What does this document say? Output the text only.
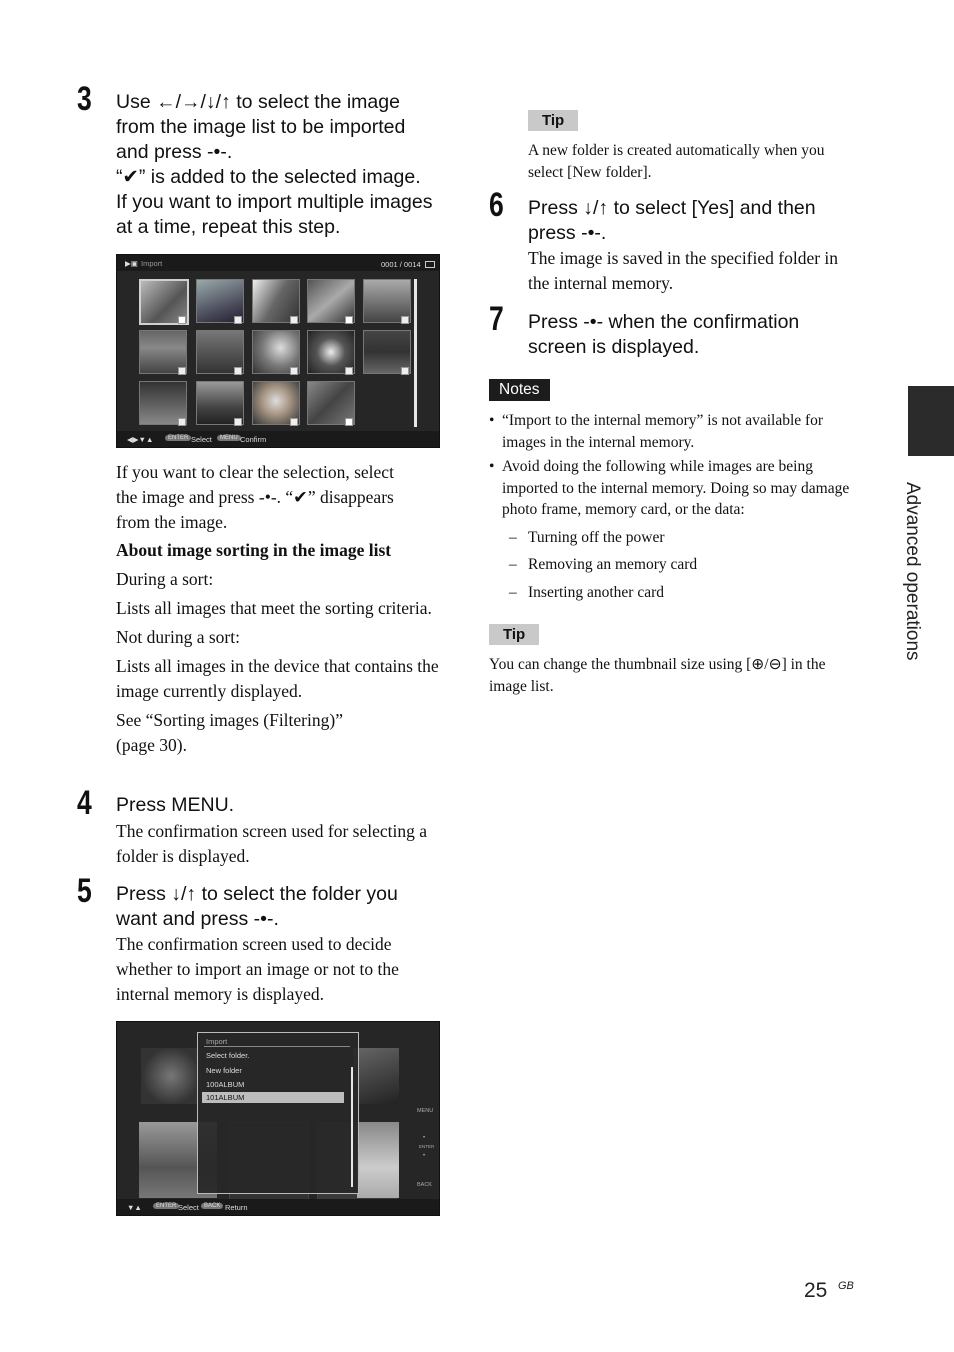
3 Use ←/→/↓/↑ to select the image
from the image list to be imported
and press -•-.
“✔” is added to the selected image.
If you want to import multiple images
at a time, repeat this step.
▶▣ Import	0001 / 0014
◀▶▼▲	ENTER Select	MENU Confirm
If you want to clear the selection, select
the image and press -•-. “✔” disappears
from the image.
About image sorting in the image list

During a sort:

Lists all images that meet the sorting criteria.

Not during a sort:

Lists all images in the device that contains the image currently displayed.

See “Sorting images (Filtering)” (page 30).

4 Press MENU.
The confirmation screen used for selecting a folder is displayed.
5 Press ↓/↑ to select the folder you
want and press -•-.
The confirmation screen used to decide whether to import an image or not to the internal memory is displayed.
Import
Select folder.
New folder
100ALBUM
101ALBUM
MENU
•
ENTER
•
BACK
▼▲	ENTER Select BACK Return
Tip
A new folder is created automatically when you select [New folder].
6 Press ↓/↑ to select [Yes] and then
press -•-.
The image is saved in the specified folder in the internal memory.
7 Press -•- when the confirmation
screen is displayed.
Notes
• “Import to the internal memory” is not available for images in the internal memory.
• Avoid doing the following while images are being imported to the internal memory. Doing so may damage photo frame, memory card, or the data:
– Turning off the power
– Removing an memory card
– Inserting another card
Tip
You can change the thumbnail size using [⊕/⊖] in the image list.
Advanced operations
25 GB
